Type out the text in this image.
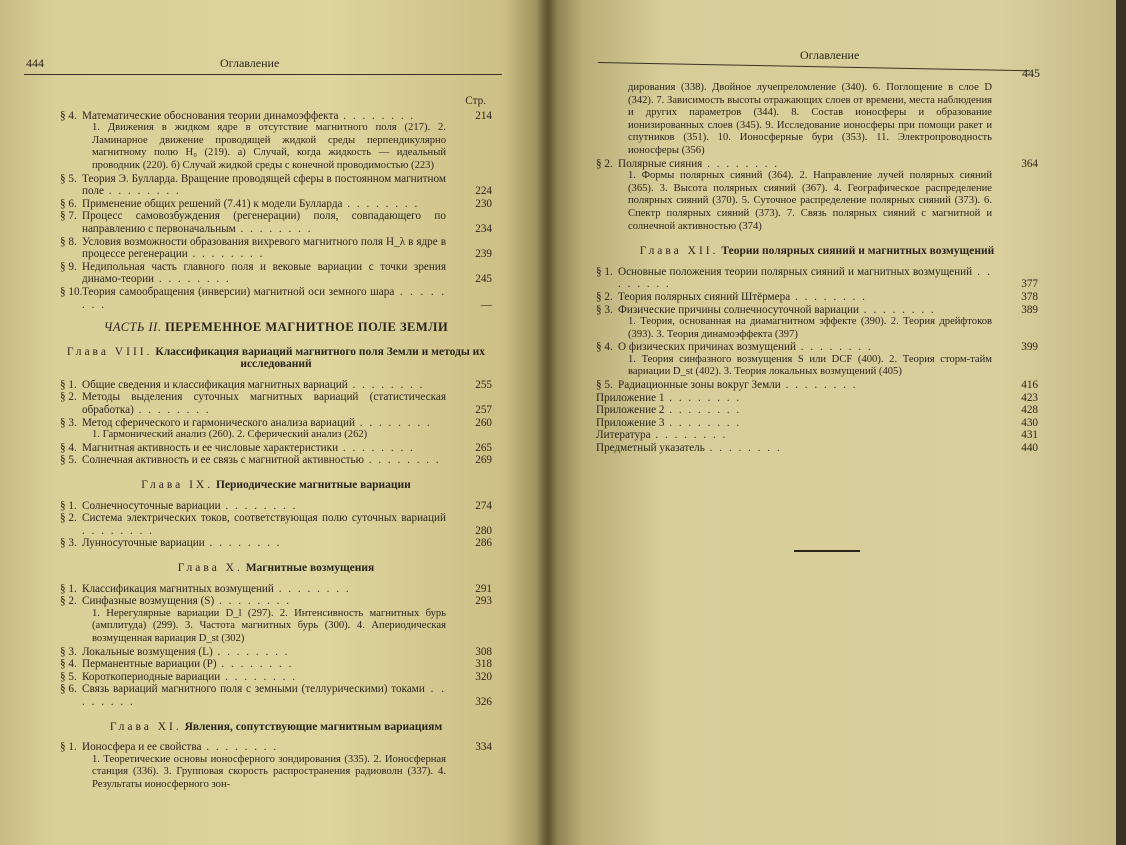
444	Оглавление
Стр.
§ 4. Математические обоснования теории динамоэффекта . . .	214
1. Движения в жидком ядре в отсутствие магнитного поля (217). 2. Ламинарное движение проводящей жидкой среды перпендикулярно магнитному полю H₀ (219). а) Случай, когда жидкость — идеальный проводник (220). б) Случай жидкой среды с конечной проводимостью (223)
§ 5. Теория Э. Булларда. Вращение проводящей сферы в постоянном магнитном поле . . .	224
§ 6. Применение общих решений (7.41) к модели Булларда . . .	230
§ 7. Процесс самовозбуждения (регенерации) поля, совпадающего по направлению с первоначальным . . .	234
§ 8. Условия возможности образования вихревого магнитного поля H_λ в ядре в процессе регенерации . . .	239
§ 9. Недипольная часть главного поля и вековые вариации с точки зрения динамо-теории . . .	245
§ 10. Теория самообращения (инверсии) магнитной оси земного шара . . .
—
ЧАСТЬ II. ПЕРЕМЕННОЕ МАГНИТНОЕ ПОЛЕ ЗЕМЛИ
Глава VIII. Классификация вариаций магнитного поля Земли и методы их исследований
§ 1. Общие сведения и классификация магнитных вариаций . . .	255
§ 2. Методы выделения суточных магнитных вариаций (статистическая обработка) . . .	257
§ 3. Метод сферического и гармонического анализа вариаций . . .	260
1. Гармонический анализ (260). 2. Сферический анализ (262)
§ 4. Магнитная активность и ее числовые характеристики . . .	265
§ 5. Солнечная активность и ее связь с магнитной активностью . . .	269
Глава IX. Периодические магнитные вариации
§ 1. Солнечносуточные вариации . . .	274
§ 2. Система электрических токов, соответствующая полю суточных вариаций . . .
280
§ 3. Лунносуточные вариации . . .	286
Глава X. Магнитные возмущения
§ 1. Классификация магнитных возмущений . . .	291
§ 2. Синфазные возмущения (S) . . .	293
1. Нерегулярные вариации D_l (297). 2. Интенсивность магнитных бурь (амплитуда) (299). 3. Частота магнитных бурь (300). 4. Апериодическая возмущенная вариация D_st (302)
§ 3. Локальные возмущения (L) . . .	308
§ 4. Перманентные вариации (P) . . .	318
§ 5. Короткопериодные вариации . . .	320
§ 6. Связь вариаций магнитного поля с земными (теллурическими) токами . . .
326
Глава XI. Явления, сопутствующие магнитным вариациям
§ 1. Ионосфера и ее свойства . . .	334
1. Теоретические основы ионосферного зондирования (335). 2. Ионосферная станция (336). 3. Групповая скорость распространения радиоволн (337). 4. Результаты ионосферного зон-
Оглавление
445
дирования (338). Двойное лучепреломление (340). 6. Поглощение в слое D (342). 7. Зависимость высоты отражающих слоев от времени, места наблюдения и других параметров (344). 8. Состав ионосферы и образование ионизированных слоев (345). 9. Исследование ионосферы при помощи ракет и спутников (351). 10. Ионосферные бури (353). 11. Электропроводность ионосферы (356)
§ 2. Полярные сияния . . .	364
1. Формы полярных сияний (364). 2. Направление лучей полярных сияний (365). 3. Высота полярных сияний (367). 4. Географическое распределение полярных сияний (370). 5. Суточное распределение полярных сияний (373). 6. Спектр полярных сияний (373). 7. Связь полярных сияний с магнитной и солнечной активностью (374)
Глава XII. Теории полярных сияний и магнитных возмущений
§ 1. Основные положения теории полярных сияний и магнитных возмущений . . .
377
§ 2. Теория полярных сияний Штёрмера . . .	378
§ 3. Физические причины солнечносуточной вариации . . .	389
1. Теория, основанная на диамагнитном эффекте (390). 2. Теория дрейфтоков (393). 3. Теория динамоэффекта (397)
§ 4. О физических причинах возмущений . . .	399
1. Теория синфазного возмущения S или DCF (400). 2. Теория сторм-тайм вариации D_st (402). 3. Теория локальных возмущений (405)
§ 5. Радиационные зоны вокруг Земли . . .	416
Приложение 1 . . .	423
Приложение 2 . . .	428
Приложение 3 . . .	430
Литература . . .	431
Предметный указатель . . .	440
